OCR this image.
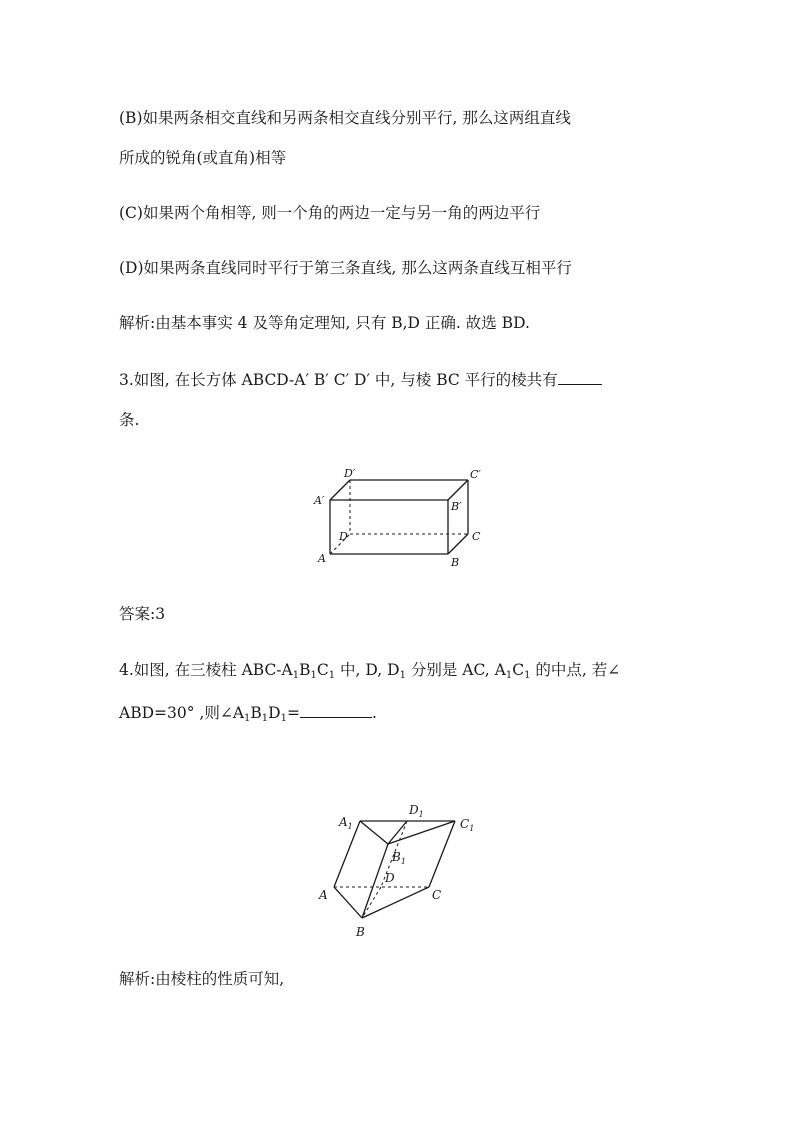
(B)如果两条相交直线和另两条相交直线分别平行, 那么这两组直线
所成的锐角(或直角)相等
(C)如果两个角相等, 则一个角的两边一定与另一角的两边平行
(D)如果两条直线同时平行于第三条直线, 那么这两条直线互相平行
解析:由基本事实 4 及等角定理知, 只有 B,D 正确. 故选 BD.
3.如图, 在长方体 ABCD-A′ B′ C′ D′ 中, 与棱 BC 平行的棱共有
条.
D′	C′
A′	B′
D	C
A	B
答案:3
4.如图, 在三棱柱 ABC-$A_1B_1C_1$ 中, D, $D_1$ 分别是 AC, $A_1C_1$ 的中点, 若∠
ABD=30° ,则$\angle A_1B_1D_1=$	.
$A_1$
$D_1$
$C_1$
$B_1$
D
A	C
B
解析:由棱柱的性质可知,
